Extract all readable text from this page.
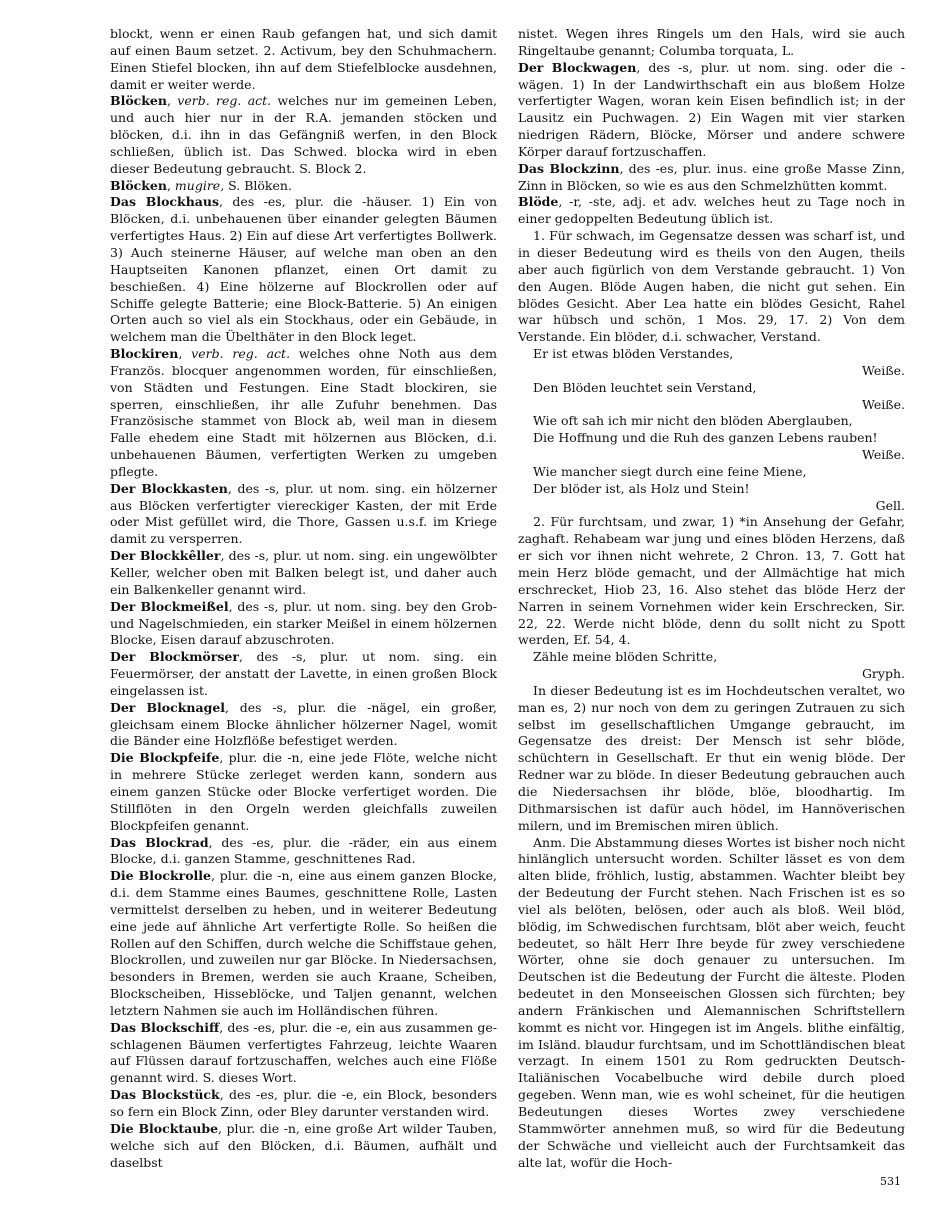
blockt, wenn er einen Raub gefangen hat, und sich damit auf einen Baum setzet. 2. Activum, bey den Schuhmachern. Einen Stiefel blocken, ihn auf dem Stiefelblocke ausdehnen, damit er weiter werde.

Blöcken, verb. reg. act. welches nur im gemeinen Leben, und auch hier nur in der R.A. jemanden stöcken und blöcken, d.i. ihn in das Gefängniß werfen, in den Block schließen, üblich ist. Das Schwed. blocka wird in eben dieser Bedeutung gebraucht. S. Block 2.

Blöcken, mugire, S. Blöken.

Das Blockhaus, des -es, plur. die -häuser. 1) Ein von Blöcken, d.i. unbehauenen über einander gelegten Bäumen verfertigtes Haus. 2) Ein auf diese Art verfertigtes Bollwerk. 3) Auch steinerne Häuser, auf welche man oben an den Hauptseiten Kanonen pflanzet, einen Ort damit zu beschießen. 4) Eine hölzerne auf Blockrollen oder auf Schiffe gelegte Batterie; eine Block-Batterie. 5) An einigen Orten auch so viel als ein Stockhaus, oder ein Gebäude, in welchem man die Übelthäter in den Block leget.

Blockiren, verb. reg. act. welches ohne Noth aus dem Französ. blocquer angenommen worden, für einschließen, von Städten und Festungen. Eine Stadt blockiren, sie sperren, einschließen, ihr alle Zufuhr benehmen. Das Französische stammet von Block ab, weil man in diesem Falle ehedem eine Stadt mit hölzernen aus Blöcken, d.i. unbehauenen Bäumen, verfertigten Werken zu umgeben pflegte.

Der Blockkasten, des -s, plur. ut nom. sing. ein hölzerner aus Blöcken verfertigter viereckiger Kasten, der mit Erde oder Mist gefüllet wird, die Thore, Gassen u.s.f. im Kriege damit zu versperren.

Der Blockkêller, des -s, plur. ut nom. sing. ein ungewölbter Keller, welcher oben mit Balken belegt ist, und daher auch ein Balkenkeller genannt wird.

Der Blockmeißel, des -s, plur. ut nom. sing. bey den Grob- und Nagelschmieden, ein starker Meißel in einem hölzernen Blocke, Eisen darauf abzuschroten.

Der Blockmörser, des -s, plur. ut nom. sing. ein Feuermörser, der anstatt der Lavette, in einen großen Block eingelassen ist.

Der Blocknagel, des -s, plur. die -nägel, ein großer, gleichsam einem Blocke ähnlicher hölzerner Nagel, womit die Bänder eine Holzflöße befestiget werden.

Die Blockpfeife, plur. die -n, eine jede Flöte, welche nicht in mehrere Stücke zerleget werden kann, sondern aus einem ganzen Stücke oder Blocke verfertiget worden. Die Stillflöten in den Orgeln werden gleichfalls zuweilen Blockpfeifen genannt.

Das Blockrad, des -es, plur. die -räder, ein aus einem Blocke, d.i. ganzen Stamme, geschnittenes Rad.

Die Blockrolle, plur. die -n, eine aus einem ganzen Blocke, d.i. dem Stamme eines Baumes, geschnittene Rolle, Lasten vermittelst derselben zu heben, und in weiterer Bedeutung eine jede auf ähnliche Art verfertigte Rolle. So heißen die Rollen auf den Schiffen, durch welche die Schiffstaue gehen, Blockrollen, und zuweilen nur gar Blöcke. In Niedersachsen, besonders in Bremen, werden sie auch Kraane, Scheiben, Blockscheiben, Hisseblöcke, und Taljen genannt, welchen letztern Nahmen sie auch im Holländischen führen.

Das Blockschiff, des -es, plur. die -e, ein aus zusammen geschlagenen Bäumen verfertigtes Fahrzeug, leichte Waaren auf Flüssen darauf fortzuschaffen, welches auch eine Flöße genannt wird. S. dieses Wort.

Das Blockstück, des -es, plur. die -e, ein Block, besonders so fern ein Block Zinn, oder Bley darunter verstanden wird.

Die Blocktaube, plur. die -n, eine große Art wilder Tauben, welche sich auf den Blöcken, d.i. Bäumen, aufhält und daselbst

nistet. Wegen ihres Ringels um den Hals, wird sie auch Ringeltaube genannt; Columba torquata, L.

Der Blockwagen, des -s, plur. ut nom. sing. oder die -wägen. 1) In der Landwirthschaft ein aus bloßem Holze verfertigter Wagen, woran kein Eisen befindlich ist; in der Lausitz ein Puchwagen. 2) Ein Wagen mit vier starken niedrigen Rädern, Blöcke, Mörser und andere schwere Körper darauf fortzuschaffen.

Das Blockzinn, des -es, plur. inus. eine große Masse Zinn, Zinn in Blöcken, so wie es aus den Schmelzhütten kommt.

Blöde, -r, -ste, adj. et adv. welches heut zu Tage noch in einer gedoppelten Bedeutung üblich ist.

1. Für schwach, im Gegensatze dessen was scharf ist, und in dieser Bedeutung wird es theils von den Augen, theils aber auch figürlich von dem Verstande gebraucht. 1) Von den Augen. Blöde Augen haben, die nicht gut sehen. Ein blödes Gesicht. Aber Lea hatte ein blödes Gesicht, Rahel war hübsch und schön, 1 Mos. 29, 17. 2) Von dem Verstande. Ein blöder, d.i. schwacher, Verstand.

Er ist etwas blöden Verstandes,

Weiße.

Den Blöden leuchtet sein Verstand,

Weiße.

Wie oft sah ich mir nicht den blöden Aberglauben,

Die Hoffnung und die Ruh des ganzen Lebens rauben!

Weiße.

Wie mancher siegt durch eine feine Miene,

Der blöder ist, als Holz und Stein!

Gell.

2. Für furchtsam, und zwar, 1) *in Ansehung der Gefahr, zaghaft. Rehabeam war jung und eines blöden Herzens, daß er sich vor ihnen nicht wehrete, 2 Chron. 13, 7. Gott hat mein Herz blöde gemacht, und der Allmächtige hat mich erschrecket, Hiob 23, 16. Also stehet das blöde Herz der Narren in seinem Vornehmen wider kein Erschrecken, Sir. 22, 22. Werde nicht blöde, denn du sollt nicht zu Spott werden, Ef. 54, 4.

Zähle meine blöden Schritte,

Gryph.

In dieser Bedeutung ist es im Hochdeutschen veraltet, wo man es, 2) nur noch von dem zu geringen Zutrauen zu sich selbst im gesellschaftlichen Umgange gebraucht, im Gegensatze des dreist: Der Mensch ist sehr blöde, schüchtern in Gesellschaft. Er thut ein wenig blöde. Der Redner war zu blöde. In dieser Bedeutung gebrauchen auch die Niedersachsen ihr blöde, blöe, bloodhartig. Im Dithmarsischen ist dafür auch hödel, im Hannöverischen milern, und im Bremischen miren üblich.

Anm. Die Abstammung dieses Wortes ist bisher noch nicht hinlänglich untersucht worden. Schilter lässet es von dem alten blide, fröhlich, lustig, abstammen. Wachter bleibt bey der Bedeutung der Furcht stehen. Nach Frischen ist es so viel als belöten, belösen, oder auch als bloß. Weil blöd, blödig, im Schwedischen furchtsam, blöt aber weich, feucht bedeutet, so hält Herr Ihre beyde für zwey verschiedene Wörter, ohne sie doch genauer zu untersuchen. Im Deutschen ist die Bedeutung der Furcht die älteste. Ploden bedeutet in den Monseeischen Glossen sich fürchten; bey andern Fränkischen und Alemannischen Schriftstellern kommt es nicht vor. Hingegen ist im Angels. blithe einfältig, im Isländ. blaudur furchtsam, und im Schottländischen bleat verzagt. In einem 1501 zu Rom gedruckten Deutsch-Italiänischen Vocabelbuche wird debile durch ploed gegeben. Wenn man, wie es wohl scheinet, für die heutigen Bedeutungen dieses Wortes zwey verschiedene Stammwörter annehmen muß, so wird für die Bedeutung der Schwäche und vielleicht auch der Furchtsamkeit das alte lat, wofür die Hoch-

531
